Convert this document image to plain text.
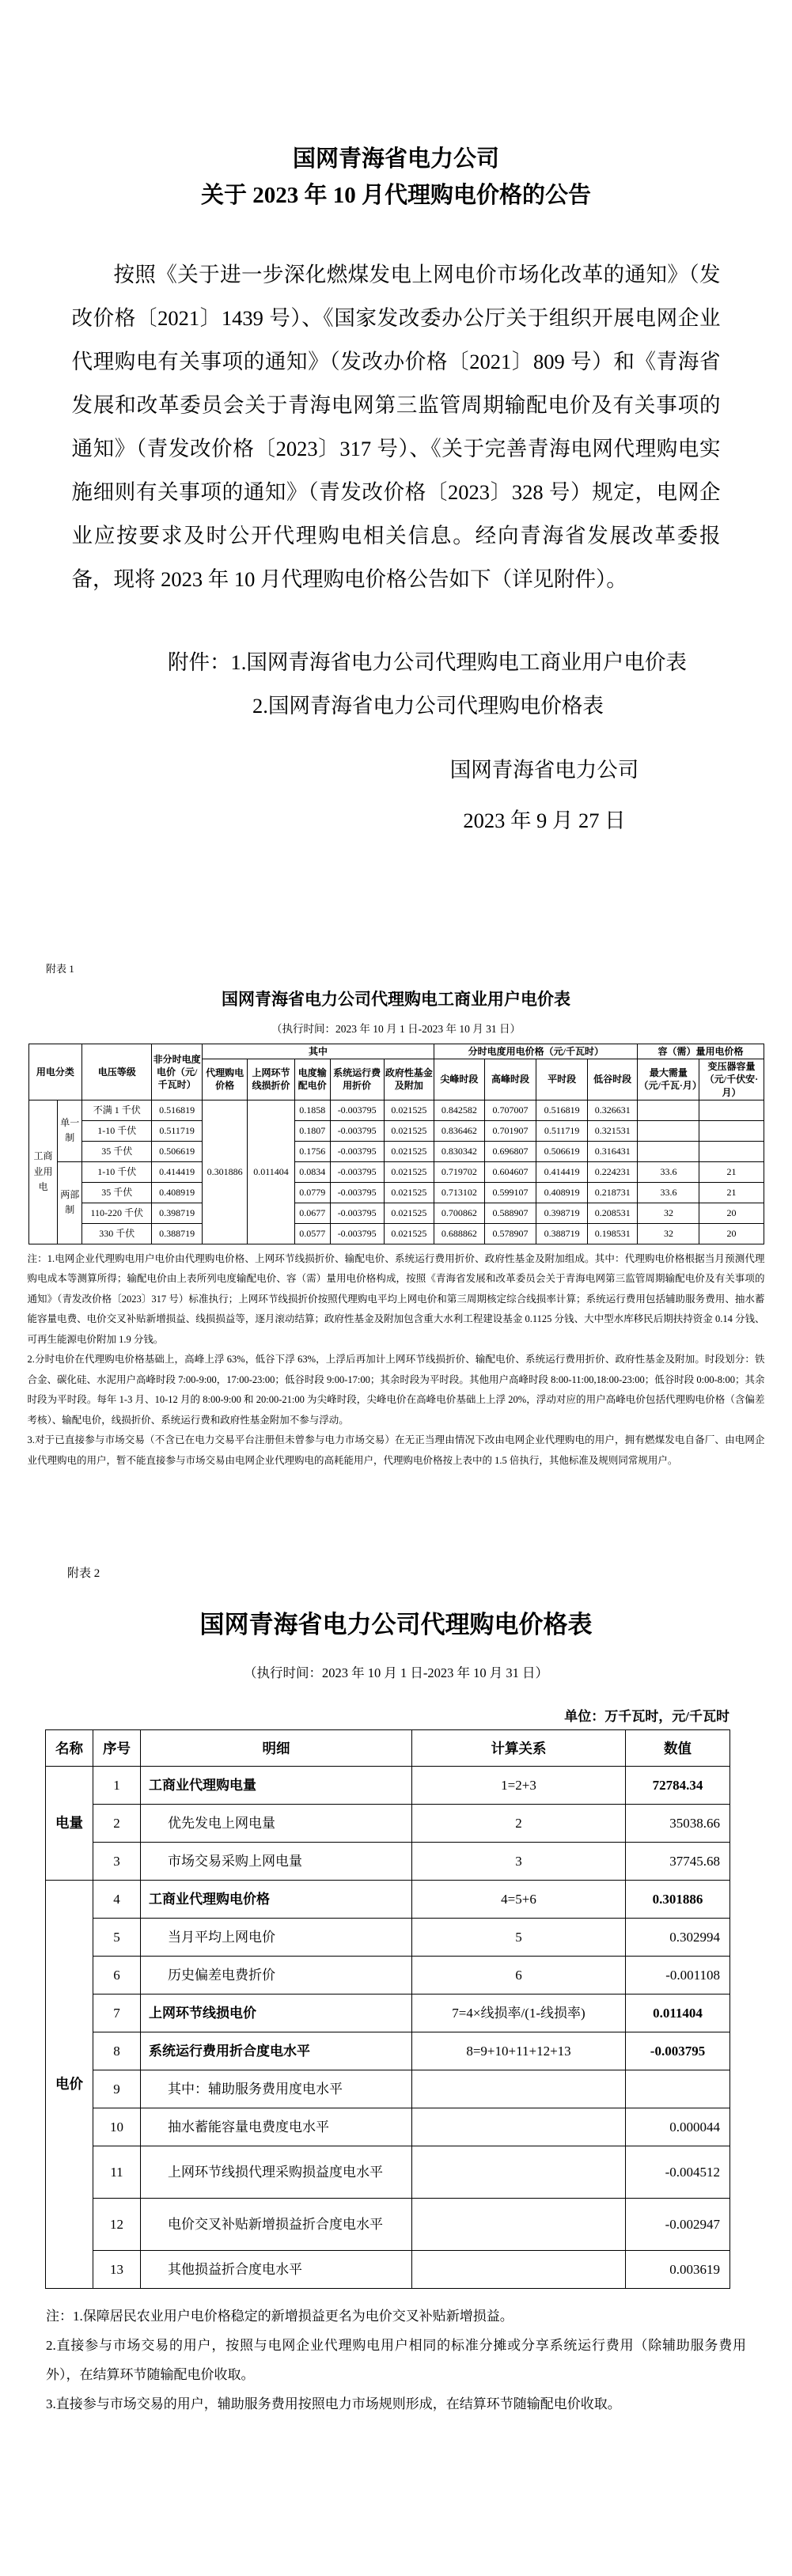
国网青海省电力公司
关于 2023 年 10 月代理购电价格的公告

按照《关于进一步深化燃煤发电上网电价市场化改革的通知》（发改价格〔2021〕1439 号）、《国家发改委办公厅关于组织开展电网企业代理购电有关事项的通知》（发改办价格〔2021〕809 号）和《青海省发展和改革委员会关于青海电网第三监管周期输配电价及有关事项的通知》（青发改价格〔2023〕317 号）、《关于完善青海电网代理购电实施细则有关事项的通知》（青发改价格〔2023〕328 号）规定，电网企业应按要求及时公开代理购电相关信息。经向青海省发展改革委报备，现将 2023 年 10 月代理购电价格公告如下（详见附件）。

附件：1.国网青海省电力公司代理购电工商业用户电价表
2.国网青海省电力公司代理购电价格表
国网青海省电力公司
2023 年 9 月 27 日
附表 1
国网青海省电力公司代理购电工商业用户电价表
（执行时间：2023 年 10 月 1 日-2023 年 10 月 31 日）
用电分类		电压等级	非分时电度电价（元/千瓦时）	其中					分时电度用电价格（元/千瓦时）				容（需）量用电价格	
				代理购电价格	上网环节线损折价	电度输配电价	系统运行费用折价	政府性基金及附加	尖峰时段	高峰时段	平时段	低谷时段	最大需量（元/千瓦·月）	变压器容量（元/千伏安·月）
工商业用电	单一制	不满 1 千伏	0.516819	0.301886	0.011404	0.1858	-0.003795	0.021525	0.842582	0.707007	0.516819	0.326631		
		1-10 千伏	0.511719			0.1807	-0.003795	0.021525	0.836462	0.701907	0.511719	0.321531		
		35 千伏	0.506619			0.1756	-0.003795	0.021525	0.830342	0.696807	0.506619	0.316431		
	两部制	1-10 千伏	0.414419			0.0834	-0.003795	0.021525	0.719702	0.604607	0.414419	0.224231	33.6	21
		35 千伏	0.408919			0.0779	-0.003795	0.021525	0.713102	0.599107	0.408919	0.218731	33.6	21
		110-220 千伏	0.398719			0.0677	-0.003795	0.021525	0.700862	0.588907	0.398719	0.208531	32	20
		330 千伏	0.388719			0.0577	-0.003795	0.021525	0.688862	0.578907	0.388719	0.198531	32	20

注：1.电网企业代理购电用户电价由代理购电价格、上网环节线损折价、输配电价、系统运行费用折价、政府性基金及附加组成。其中：代理购电价格根据当月预测代理购电成本等测算所得；输配电价由上表所列电度输配电价、容（需）量用电价格构成，按照《青海省发展和改革委员会关于青海电网第三监管周期输配电价及有关事项的通知》（青发改价格〔2023〕317 号）标准执行；上网环节线损折价按照代理购电平均上网电价和第三周期核定综合线损率计算；系统运行费用包括辅助服务费用、抽水蓄能容量电费、电价交叉补贴新增损益、线损损益等，逐月滚动结算；政府性基金及附加包含重大水利工程建设基金 0.1125 分钱、大中型水库移民后期扶持资金 0.14 分钱、可再生能源电价附加 1.9 分钱。

2.分时电价在代理购电价格基础上，高峰上浮 63%，低谷下浮 63%，上浮后再加计上网环节线损折价、输配电价、系统运行费用折价、政府性基金及附加。时段划分：铁合金、碳化硅、水泥用户高峰时段 7:00-9:00，17:00-23:00；低谷时段 9:00-17:00；其余时段为平时段。其他用户高峰时段 8:00-11:00,18:00-23:00；低谷时段 0:00-8:00；其余时段为平时段。每年 1-3 月、10-12 月的 8:00-9:00 和 20:00-21:00 为尖峰时段，尖峰电价在高峰电价基础上上浮 20%，浮动对应的用户高峰电价包括代理购电价格（含偏差考核）、输配电价，线损折价、系统运行费和政府性基金附加不参与浮动。

3.对于已直接参与市场交易（不含已在电力交易平台注册但未曾参与电力市场交易）在无正当理由情况下改由电网企业代理购电的用户，拥有燃煤发电自备厂、由电网企业代理购电的用户，暂不能直接参与市场交易由电网企业代理购电的高耗能用户，代理购电价格按上表中的 1.5 倍执行，其他标准及规则同常规用户。

附表 2
国网青海省电力公司代理购电价格表
（执行时间：2023 年 10 月 1 日-2023 年 10 月 31 日）
单位：万千瓦时，元/千瓦时
名称	序号	明细	计算关系	数值
电量	1	工商业代理购电量	1=2+3	72784.34
	2	优先发电上网电量	2	35038.66
	3	市场交易采购上网电量	3	37745.68
电价	4	工商业代理购电价格	4=5+6	0.301886
	5	当月平均上网电价	5	0.302994
	6	历史偏差电费折价	6	-0.001108
	7	上网环节线损电价	7=4×线损率/(1-线损率)	0.011404
	8	系统运行费用折合度电水平	8=9+10+11+12+13	-0.003795
	9	其中：辅助服务费用度电水平		
	10	抽水蓄能容量电费度电水平		0.000044
	11	上网环节线损代理采购损益度电水平		-0.004512
	12	电价交叉补贴新增损益折合度电水平		-0.002947
	13	其他损益折合度电水平		0.003619

注：1.保障居民农业用户电价格稳定的新增损益更名为电价交叉补贴新增损益。

2.直接参与市场交易的用户，按照与电网企业代理购电用户相同的标准分摊或分享系统运行费用（除辅助服务费用外），在结算环节随输配电价收取。

3.直接参与市场交易的用户，辅助服务费用按照电力市场规则形成，在结算环节随输配电价收取。
